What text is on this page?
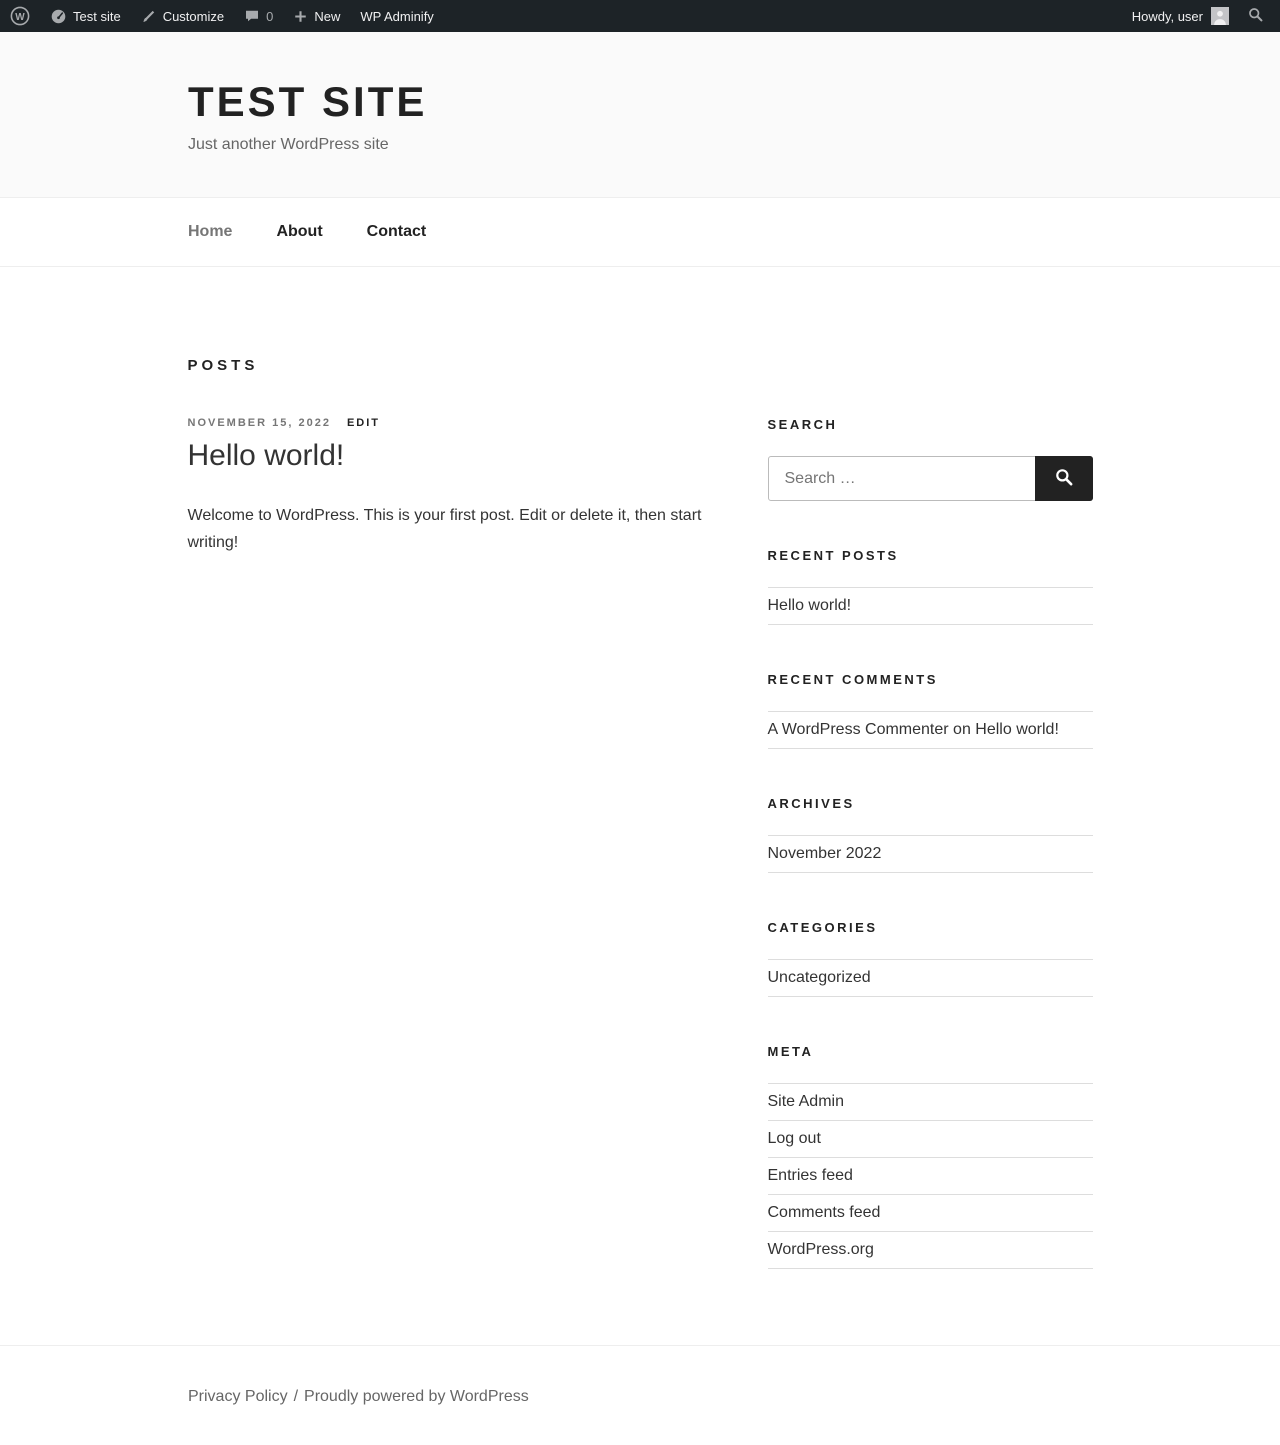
W	Test site	Customize	0	New WP Adminify	Howdy, user
TEST SITE

Just another WordPress site

Home	About	Contact
POSTS
NOVEMBER 15, 2022 EDIT
Hello world!

Welcome to WordPress. This is your first post. Edit or delete it, then start writing!

SEARCH
Search …
RECENT POSTS
Hello world!
RECENT COMMENTS
A WordPress Commenter on Hello world!
ARCHIVES
November 2022
CATEGORIES
Uncategorized
META
Site Admin
Log out
Entries feed
Comments feed
WordPress.org
Privacy Policy / Proudly powered by WordPress
